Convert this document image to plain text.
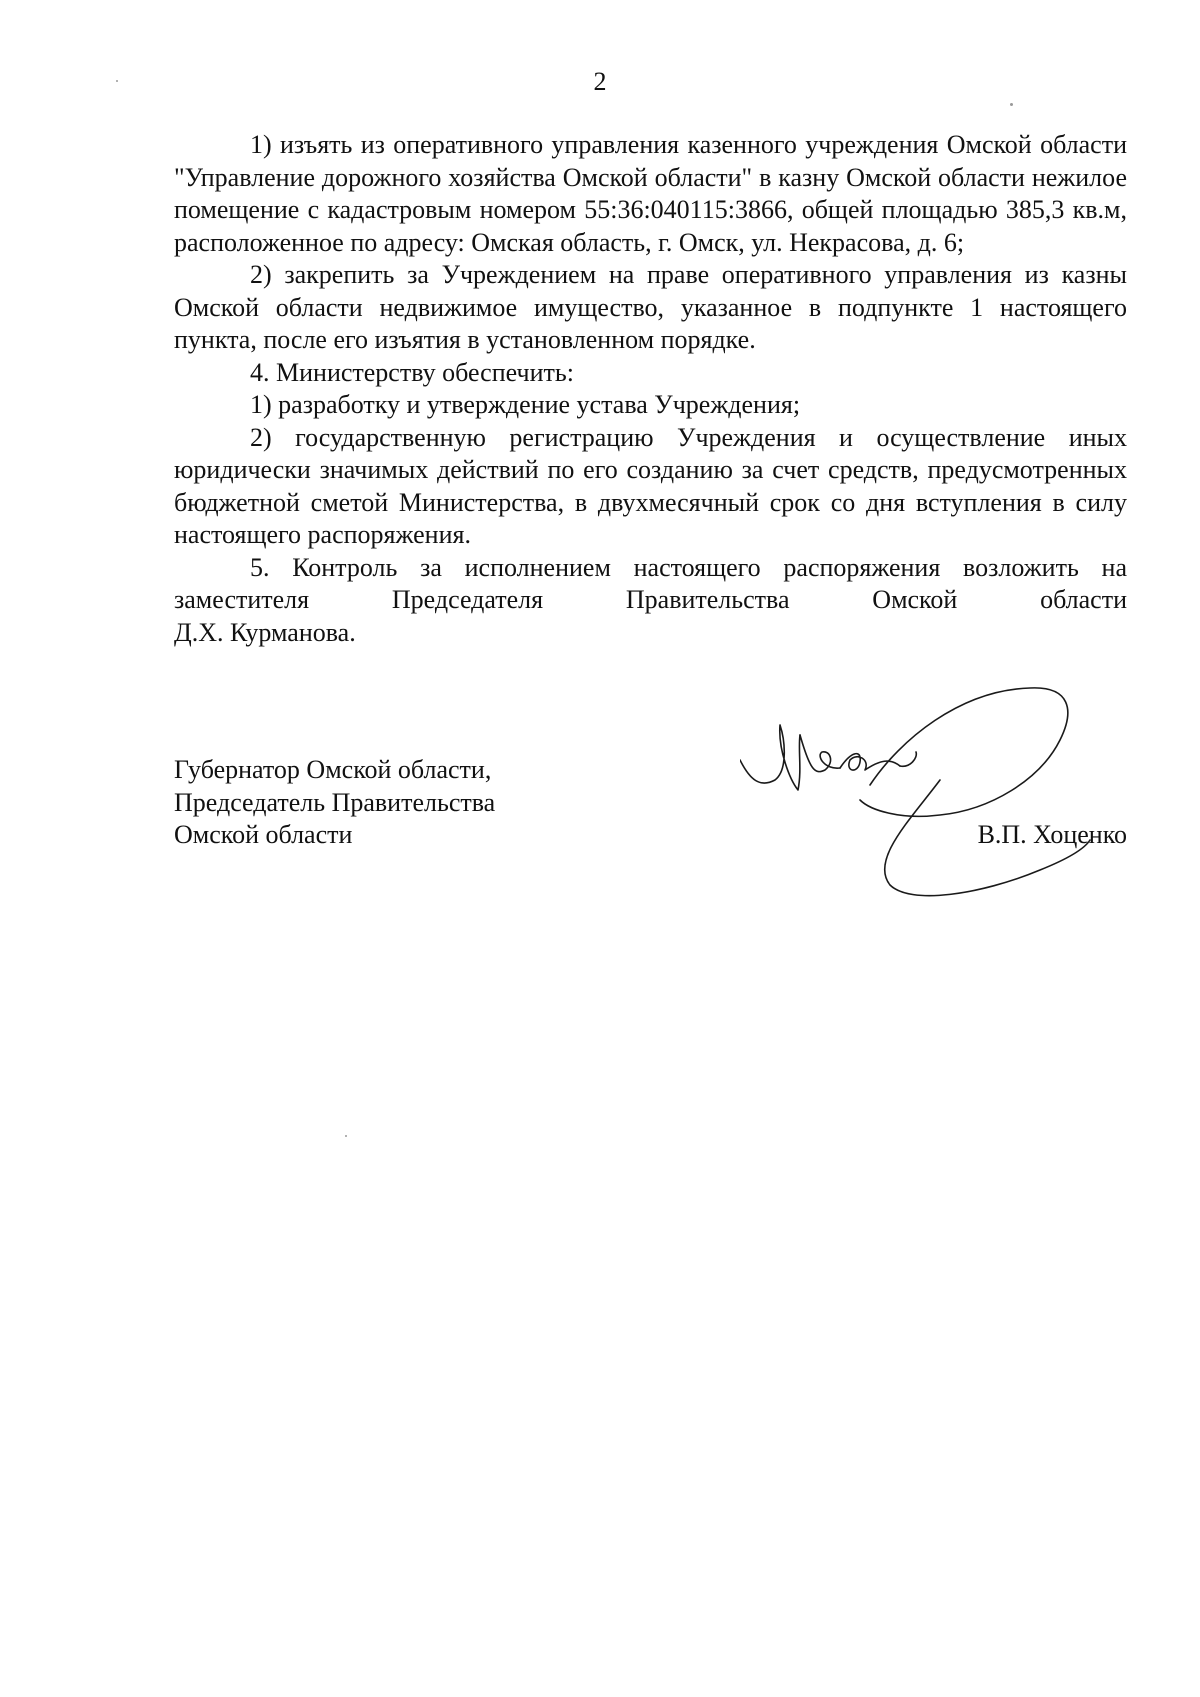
2

1) изъять из оперативного управления казенного учреждения Омской области "Управление дорожного хозяйства Омской области" в казну Омской области нежилое помещение с кадастровым номером 55:36:040115:3866, общей площадью 385,3 кв.м, расположенное по адресу: Омская область, г. Омск, ул. Некрасова, д. 6;

2) закрепить за Учреждением на праве оперативного управления из казны Омской области недвижимое имущество, указанное в подпункте 1 настоящего пункта, после его изъятия в установленном порядке.

4. Министерству обеспечить:

1) разработку и утверждение устава Учреждения;

2) государственную регистрацию Учреждения и осуществление иных юридически значимых действий по его созданию за счет средств, предусмотренных бюджетной сметой Министерства, в двухмесячный срок со дня вступления в силу настоящего распоряжения.

5. Контроль за исполнением настоящего распоряжения возложить на заместителя Председателя Правительства Омской области

Д.Х. Курманова.

Губернатор Омской области,
Председатель Правительства
Омской области	В.П. Хоценко
